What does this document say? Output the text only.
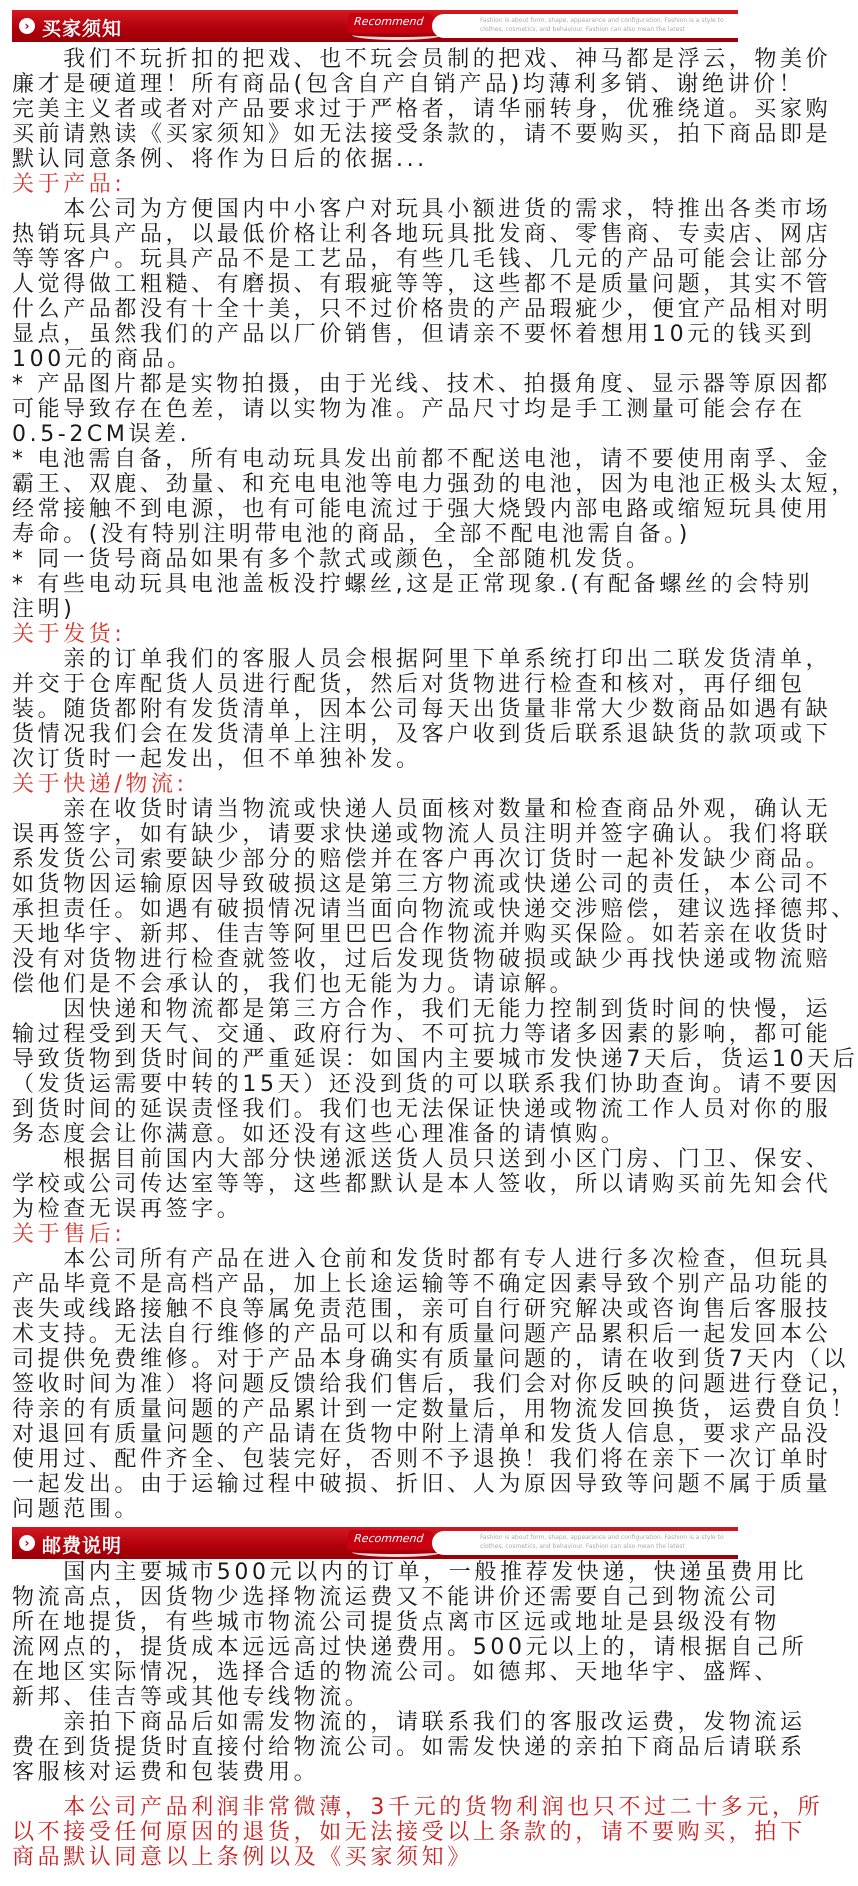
› 买家须知	Recommend	Fashion is about form, shape, appearance and configuration. Fashion is a style to clothes, cosmetics, and behaviour. Fashion can also mean the latest
　　我们不玩折扣的把戏、也不玩会员制的把戏、神马都是浮云，物美价
廉才是硬道理！所有商品(包含自产自销产品)均薄利多销、谢绝讲价！
完美主义者或者对产品要求过于严格者，请华丽转身，优雅绕道。买家购
买前请熟读《买家须知》如无法接受条款的，请不要购买，拍下商品即是
默认同意条例、将作为日后的依据...
关于产品:
　　本公司为方便国内中小客户对玩具小额进货的需求，特推出各类市场
热销玩具产品，以最低价格让利各地玩具批发商、零售商、专卖店、网店
等等客户。玩具产品不是工艺品，有些几毛钱、几元的产品可能会让部分
人觉得做工粗糙、有磨损、有瑕疵等等，这些都不是质量问题，其实不管
什么产品都没有十全十美，只不过价格贵的产品瑕疵少，便宜产品相对明
显点，虽然我们的产品以厂价销售，但请亲不要怀着想用10元的钱买到
100元的商品。
* 产品图片都是实物拍摄，由于光线、技术、拍摄角度、显示器等原因都
可能导致存在色差，请以实物为准。产品尺寸均是手工测量可能会存在
0.5-2CM误差.
* 电池需自备，所有电动玩具发出前都不配送电池，请不要使用南孚、金
霸王、双鹿、劲量、和充电电池等电力强劲的电池，因为电池正极头太短，
经常接触不到电源，也有可能电流过于强大烧毁内部电路或缩短玩具使用
寿命。(没有特别注明带电池的商品，全部不配电池需自备。)
* 同一货号商品如果有多个款式或颜色，全部随机发货。
* 有些电动玩具电池盖板没拧螺丝,这是正常现象.(有配备螺丝的会特别
注明)
关于发货:
　　亲的订单我们的客服人员会根据阿里下单系统打印出二联发货清单，
并交于仓库配货人员进行配货，然后对货物进行检查和核对，再仔细包
装。随货都附有发货清单，因本公司每天出货量非常大少数商品如遇有缺
货情况我们会在发货清单上注明，及客户收到货后联系退缺货的款项或下
次订货时一起发出，但不单独补发。
关于快递/物流:
　　亲在收货时请当物流或快递人员面核对数量和检查商品外观，确认无
误再签字，如有缺少，请要求快递或物流人员注明并签字确认。我们将联
系发货公司索要缺少部分的赔偿并在客户再次订货时一起补发缺少商品。
如货物因运输原因导致破损这是第三方物流或快递公司的责任，本公司不
承担责任。如遇有破损情况请当面向物流或快递交涉赔偿，建议选择德邦、
天地华宇、新邦、佳吉等阿里巴巴合作物流并购买保险。如若亲在收货时
没有对货物进行检查就签收，过后发现货物破损或缺少再找快递或物流赔
偿他们是不会承认的，我们也无能为力。请谅解。
　　因快递和物流都是第三方合作，我们无能力控制到货时间的快慢，运
输过程受到天气、交通、政府行为、不可抗力等诸多因素的影响，都可能
导致货物到货时间的严重延误：如国内主要城市发快递7天后，货运10天后
（发货运需要中转的15天）还没到货的可以联系我们协助查询。请不要因
到货时间的延误责怪我们。我们也无法保证快递或物流工作人员对你的服
务态度会让你满意。如还没有这些心理准备的请慎购。
　　根据目前国内大部分快递派送货人员只送到小区门房、门卫、保安、
学校或公司传达室等等，这些都默认是本人签收，所以请购买前先知会代
为检查无误再签字。
关于售后:
　　本公司所有产品在进入仓前和发货时都有专人进行多次检查，但玩具
产品毕竟不是高档产品，加上长途运输等不确定因素导致个别产品功能的
丧失或线路接触不良等属免责范围，亲可自行研究解决或咨询售后客服技
术支持。无法自行维修的产品可以和有质量问题产品累积后一起发回本公
司提供免费维修。对于产品本身确实有质量问题的，请在收到货7天内（以
签收时间为准）将问题反馈给我们售后，我们会对你反映的问题进行登记，
待亲的有质量问题的产品累计到一定数量后，用物流发回换货，运费自负！
对退回有质量问题的产品请在货物中附上清单和发货人信息，要求产品没
使用过、配件齐全、包装完好，否则不予退换！我们将在亲下一次订单时
一起发出。由于运输过程中破损、折旧、人为原因导致等问题不属于质量
问题范围。
› 邮费说明	Recommend	Fashion is about form, shape, appearance and configuration. Fashion is a style to clothes, cosmetics, and behaviour. Fashion can also mean the latest
　　国内主要城市500元以内的订单，一般推荐发快递，快递虽费用比
物流高点，因货物少选择物流运费又不能讲价还需要自己到物流公司
所在地提货，有些城市物流公司提货点离市区远或地址是县级没有物
流网点的，提货成本远远高过快递费用。500元以上的，请根据自己所
在地区实际情况，选择合适的物流公司。如德邦、天地华宇、盛辉、
新邦、佳吉等或其他专线物流。
　　亲拍下商品后如需发物流的，请联系我们的客服改运费，发物流运
费在到货提货时直接付给物流公司。如需发快递的亲拍下商品后请联系
客服核对运费和包装费用。
　　本公司产品利润非常微薄，3千元的货物利润也只不过二十多元，所
以不接受任何原因的退货，如无法接受以上条款的，请不要购买，拍下
商品默认同意以上条例以及《买家须知》
